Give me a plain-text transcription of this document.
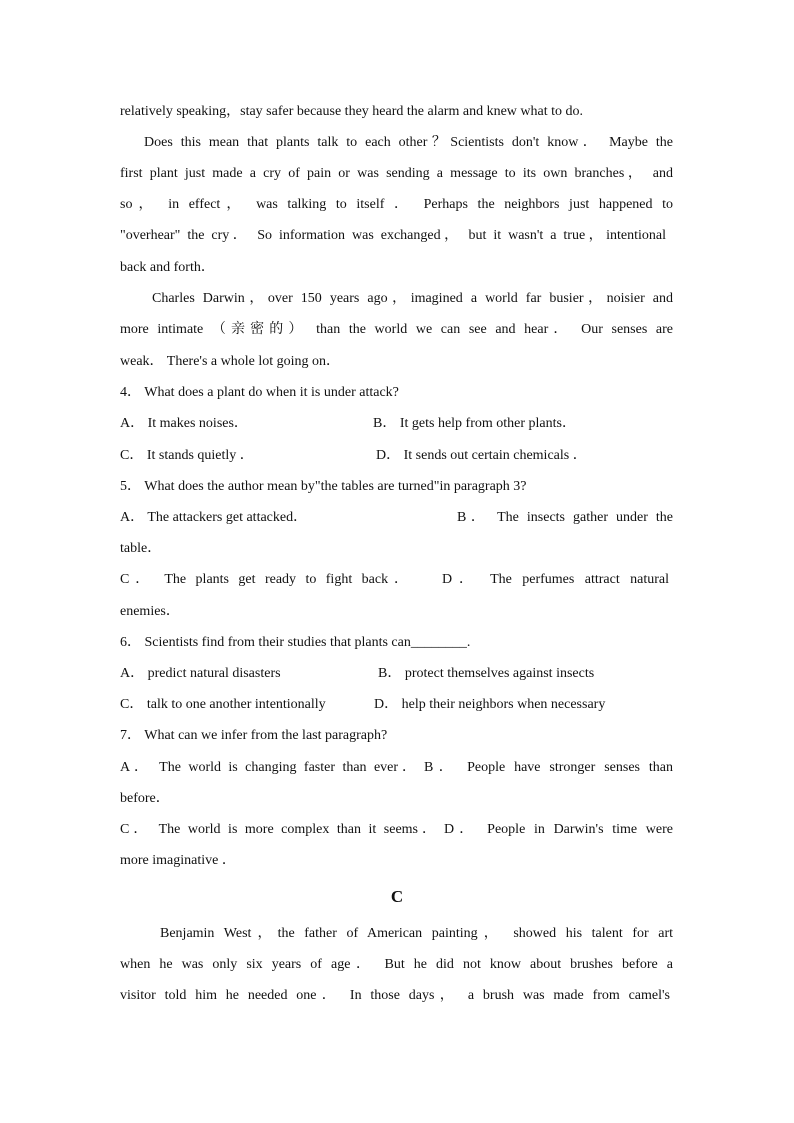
relatively speaking，stay safer because they heard the alarm and knew what to do.
Does this mean that plants talk to each other？Scientists don't know． Maybe the
first plant just made a cry of pain or was sending a message to its own branches， and
so， in effect， was talking to itself ． Perhaps the neighbors just happened to
"overhear" the cry． So information was exchanged， but it wasn't a true，intentional
back and forth．
Charles Darwin，over 150 years ago，imagined a world far busier，noisier and
more intimate （亲密的） than the world we can see and hear． Our senses are
weak． There's a whole lot going on．
4． What does a plant do when it is under attack?
A． It makes noises．	B． It gets help from other plants．
C． It stands quietly ．	D． It sends out certain chemicals ．
5． What does the author mean by"the tables are turned"in paragraph 3?
A． The attackers get attacked．	B． The insects gather under the
table．
C． The plants get ready to fight back． D． The perfumes attract natural
enemies．
6． Scientists find from their studies that plants can________.
A． predict natural disasters	B． protect themselves against insects
C． talk to one another intentionally	D． help their neighbors when necessary
7． What can we infer from the last paragraph?
A． The world is changing faster than ever． B． People have stronger senses than
before．
C． The world is more complex than it seems． D． People in Darwin's time were
more imaginative ．
C
Benjamin West，the father of American painting， showed his talent for art
when he was only six years of age． But he did not know about brushes before a
visitor told him he needed one． In those days， a brush was made from camel's
